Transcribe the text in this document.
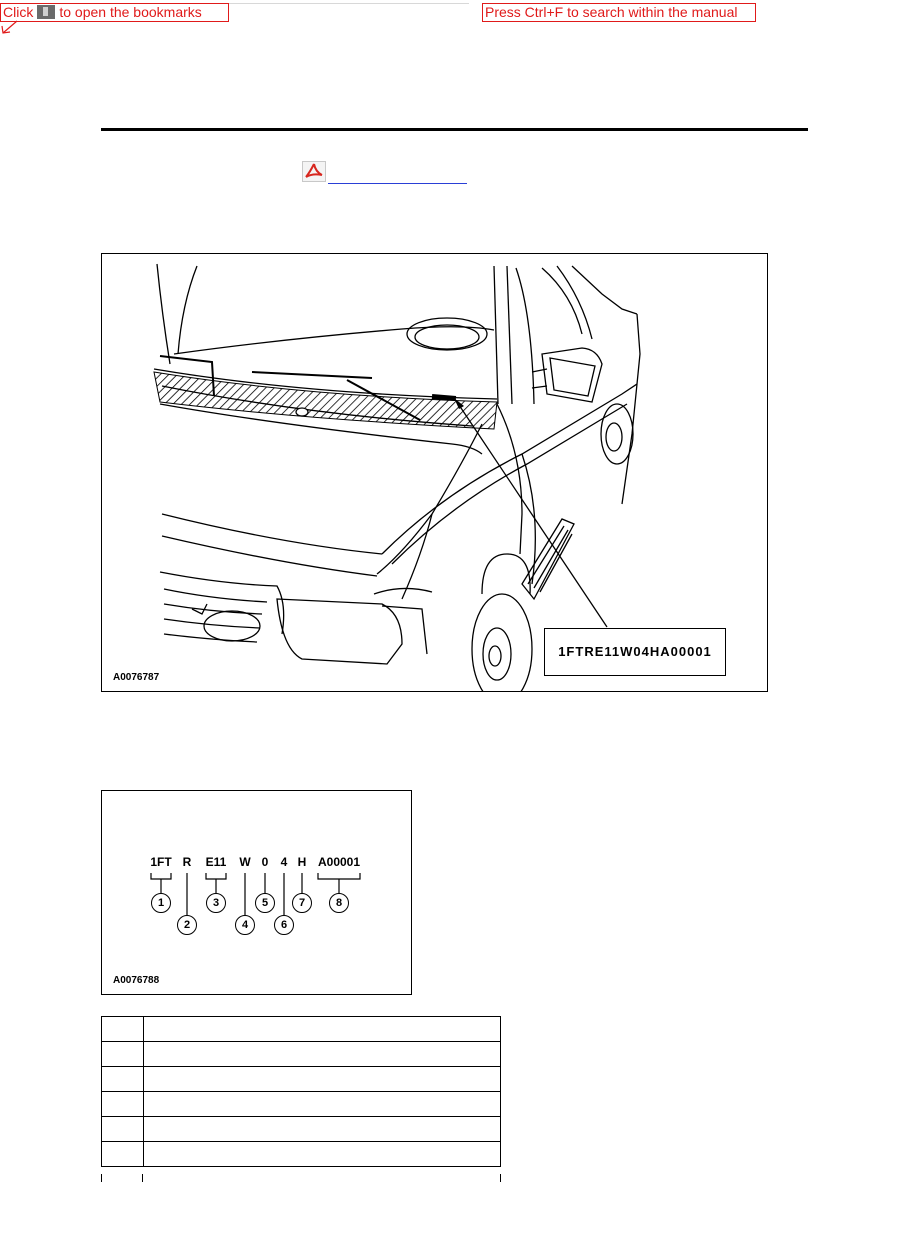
Click to open the bookmarks	Press Ctrl+F to search within the manual
1FTRE11W04HA00001
A0076787
1FT R E11 W 0 4 H A00001
1
2
3
4
5
6
7	8
A0076788
